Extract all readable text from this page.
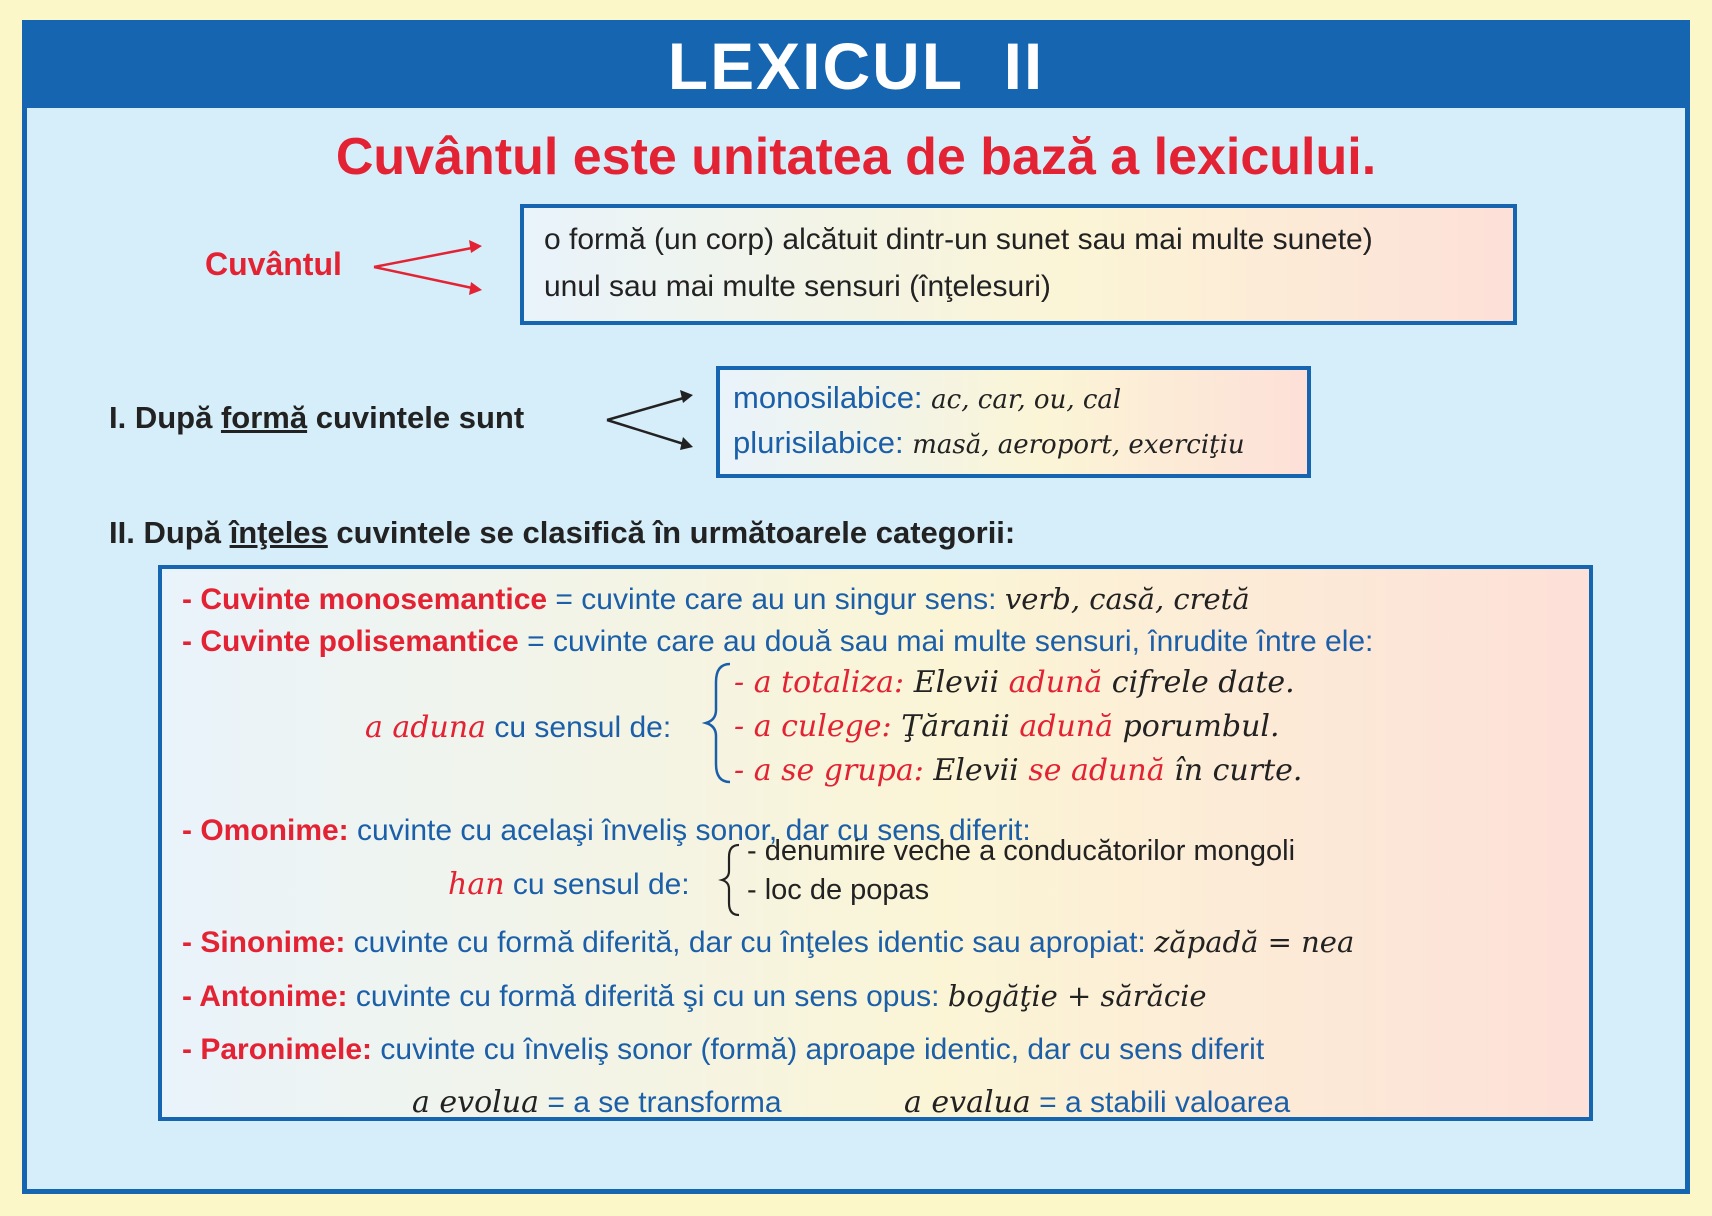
LEXICUL  II
Cuvântul este unitatea de bază a lexicului.
Cuvântul
o formă (un corp) alcătuit dintr-un sunet sau mai multe sunete)
unul sau mai multe sensuri (înţelesuri)
I. După formă cuvintele sunt
monosilabice: ac, car, ou, cal
plurisilabice: masă, aeroport, exerciţiu
II. După înţeles cuvintele se clasifică în următoarele categorii:
- Cuvinte monosemantice = cuvinte care au un singur sens: verb, casă, cretă
- Cuvinte polisemantice = cuvinte care au două sau mai multe sensuri, înrudite între ele:
a aduna cu sensul de:
- a totaliza: Elevii adună cifrele date.
- a culege: Ţăranii adună porumbul.
- a se grupa: Elevii se adună în curte.
- Omonime: cuvinte cu acelaşi înveliş sonor, dar cu sens diferit:
han cu sensul de:
- denumire veche a conducătorilor mongoli
- loc de popas
- Sinonime: cuvinte cu formă diferită, dar cu înţeles identic sau apropiat: zăpadă = nea
- Antonime: cuvinte cu formă diferită şi cu un sens opus: bogăţie + sărăcie
- Paronimele: cuvinte cu înveliş sonor (formă) aproape identic, dar cu sens diferit
a evolua = a se transforma	a evalua = a stabili valoarea
